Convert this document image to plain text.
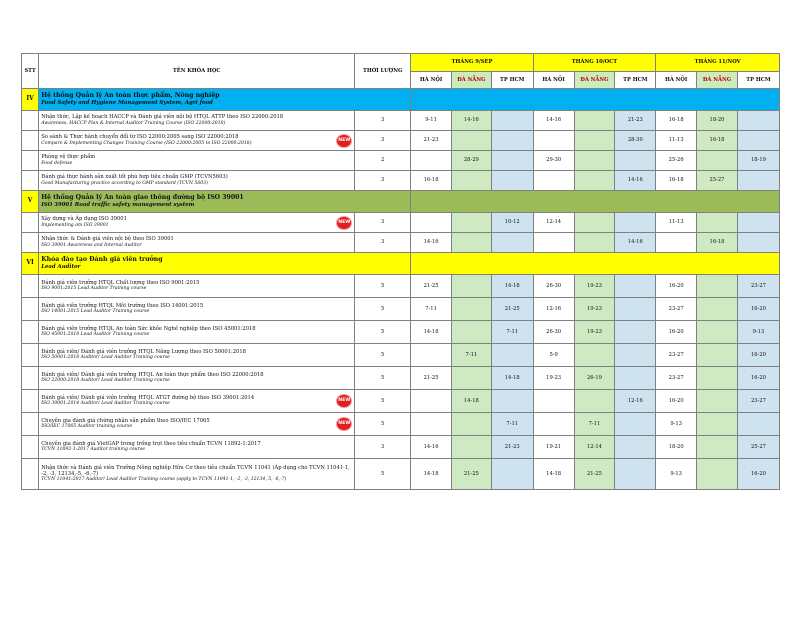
STT	TÊN KHÓA HỌC	THỜI LƯỢNG	THÁNG 9/SEP			THÁNG 10/OCT			THÁNG 11/NOV		
			HÀ NỘI	ĐÀ NẴNG	TP HCM	HÀ NỘI	ĐÀ NẴNG	TP HCM	HÀ NỘI	ĐÀ NẴNG	TP HCM
IV	Hệ thống Quản lý An toàn thực phẩm, Nông nghiệp
Food Safety and Hygiene Management System, Agri food										

	Nhận thức, Lập kế hoạch HACCP và Đánh giá viên nội bộ HTQL ATTP theo ISO 22000:2018
Awareness, HACCP Plan & Internal Auditor Training Course (ISO 22000:2018)	3	9-11	14-16		14-16		21-23	16-18	18-20	

	So sánh & Thực hành chuyển đổi từ ISO 22000:2005 sang ISO 22000:2018
Compare & Implementing Changes Training Course (ISO 22000:2005 to ISO 22000:2018)
NEW	3	21-23					28-30	11-13	16-18	

	Phòng vệ thực phẩm
Food defense	2		28-29		29-30			25-26		18-19

	Đánh giá thực hành sản xuất tốt phù hợp tiêu chuẩn GMP (TCVN5603)
Good Manufacturing practice according to GMP standard (TCVN 5603)	3	16-18					14-16	16-18	25-27	
V	Hệ thống Quản lý An toàn giao thông đường bộ ISO 39001
ISO 39001 Road traffic safety management system										

	Xây dựng và Áp dụng ISO 39001
Implementing am ISO 39001
NEW	3			10-12	12-14			11-13		

	Nhận thức & Đánh giá viên nội bộ theo ISO 39001
ISO 39001 Awareness and Internal Auditor	3	14-16					14-16		16-18	
VI	Khóa đào tạo Đánh giá viên trưởng
Lead Auditor										

	Đánh giá viên trưởng HTQL Chất lượng theo ISO 9001:2015
ISO 9001:2015 Lead Auditor Training course	5	21-25		14-18	26-30	19-23		16-20		23-27

	Đánh giá viên trưởng HTQL Môi trường theo ISO 14001:2015
ISO 14001:2015 Lead Auditor Training course	5	7-11		21-25	12-16	19-23		23-27		16-20

	Đánh giá viên trưởng HTQL An toàn Sức khỏe Nghề nghiệp theo ISO 45001:2018
ISO 45001:2018 Lead Auditor Training course	5	14-18		7-11	26-30	19-23		16-20		9-13

	Đánh giá viên/ Đánh giá viên trưởng HTQL Năng Lượng theo ISO 50001:2018
ISO 50001:2018 Auditor/ Lead Auditor Training course	5		7-11		5-9			23-27		16-20

	Đánh giá viên/ Đánh giá viên trưởng HTQL An toàn thực phẩm theo ISO 22000:2018
ISO 22000:2018 Auditor/ Lead Auditor Training course	5	21-25		14-18	19-23	26-19		23-27		16-20

	Đánh giá viên/ Đánh giá viên trưởng HTQL ATGT đường bộ theo ISO 39001:2014
ISO 39001:2014 Auditor/ Lead Auditor Training course
NEW	5		14-18				12-16	16-20		23-27

	Chuyên gia đánh giá chứng nhận sản phẩm theo ISO/IEC 17065
ISO/IEC 17065 Auditor training course
NEW	5			7-11		7-11		9-13		

	Chuyên gia đánh giá VietGAP trong trồng trọt theo tiêu chuẩn TCVN 11892-1:2017
TCVN 11892-1:2017 Auditor training course	3	14-16		21-23	19-21	12-14		18-20		25-27

	Nhận thức và Đánh giá viên Trưởng Nông nghiệp Hữu Cơ theo tiêu chuẩn TCVN 11041 (Áp dụng cho TCVN 11041-1, -2, -3, 12134,-5, -6,-7)
TCVN 11041:2017 Auditor/ Lead Auditor Training course (apply to TCVN 11041-1, -2, -3, 12134, 5, -6,-7)	5	14-18	21-25		14-18	21-25		9-13		16-20
